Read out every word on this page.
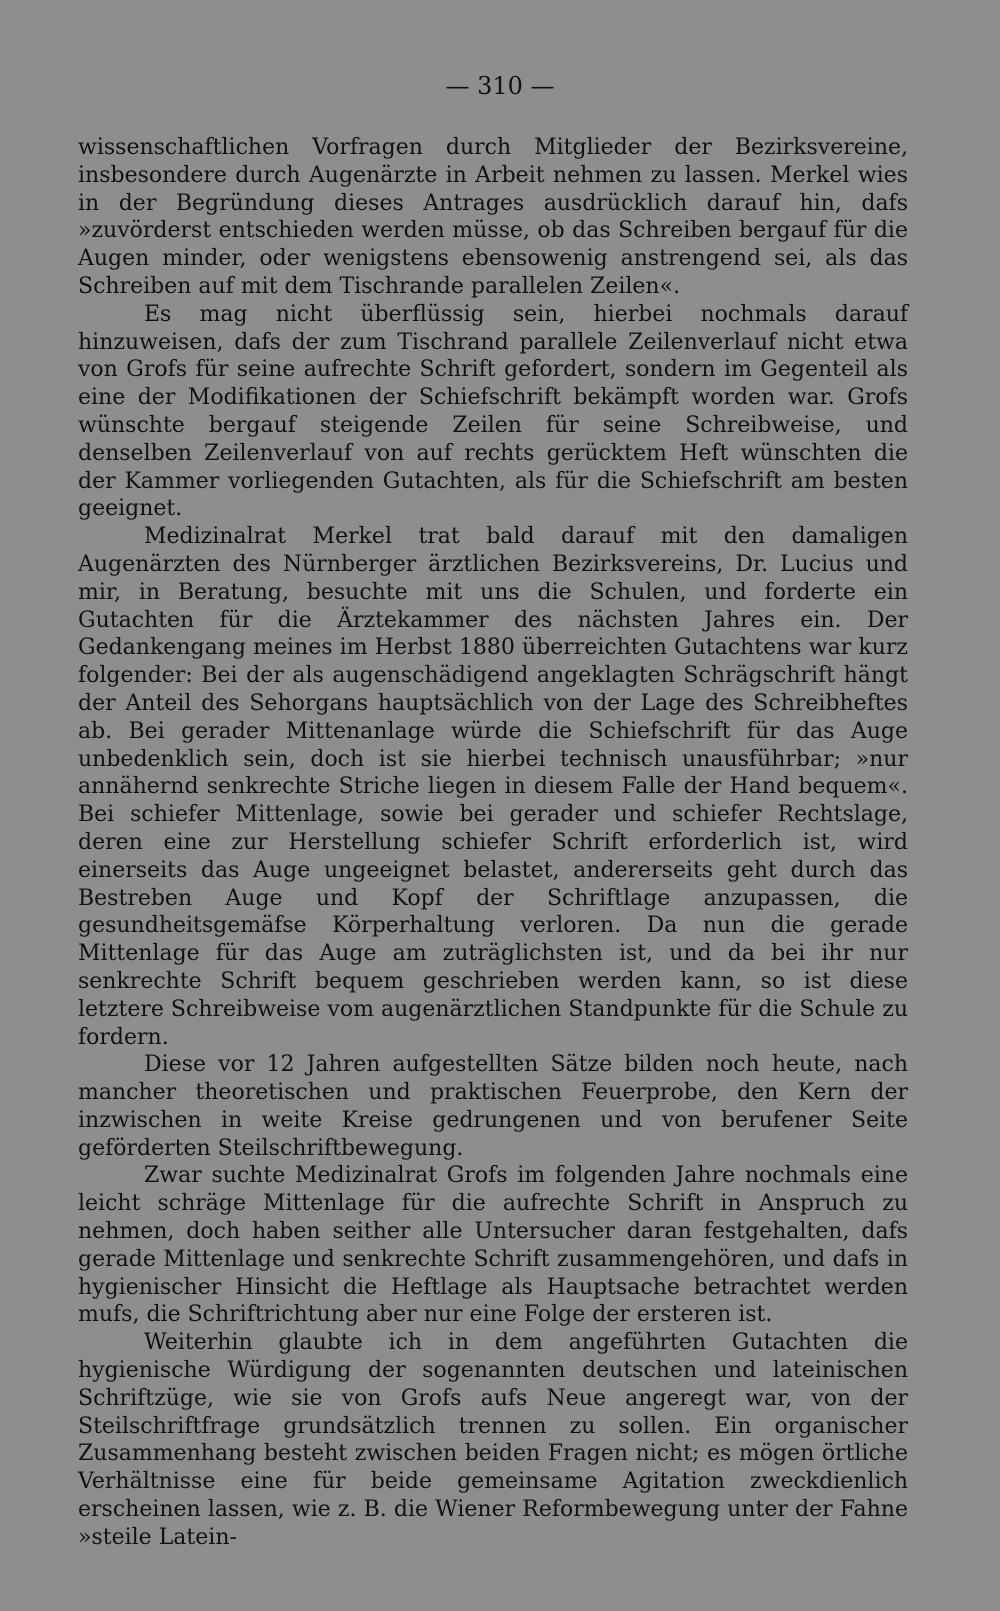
— 310 —

wissenschaftlichen Vorfragen durch Mitglieder der Bezirksvereine, insbesondere durch Augenärzte in Arbeit nehmen zu lassen. Merkel wies in der Begründung dieses Antrages ausdrücklich darauf hin, dafs »zuvörderst entschieden werden müsse, ob das Schreiben bergauf für die Augen minder, oder wenigstens ebensowenig anstrengend sei, als das Schreiben auf mit dem Tischrande parallelen Zeilen«.

Es mag nicht überflüssig sein, hierbei nochmals darauf hinzuweisen, dafs der zum Tischrand parallele Zeilenverlauf nicht etwa von Grofs für seine aufrechte Schrift gefordert, sondern im Gegenteil als eine der Modifikationen der Schiefschrift bekämpft worden war. Grofs wünschte bergauf steigende Zeilen für seine Schreibweise, und denselben Zeilenverlauf von auf rechts gerücktem Heft wünschten die der Kammer vorliegenden Gutachten, als für die Schiefschrift am besten geeignet.

Medizinalrat Merkel trat bald darauf mit den damaligen Augenärzten des Nürnberger ärztlichen Bezirksvereins, Dr. Lucius und mir, in Beratung, besuchte mit uns die Schulen, und forderte ein Gutachten für die Ärztekammer des nächsten Jahres ein. Der Gedankengang meines im Herbst 1880 überreichten Gutachtens war kurz folgender: Bei der als augenschädigend angeklagten Schrägschrift hängt der Anteil des Sehorgans hauptsächlich von der Lage des Schreibheftes ab. Bei gerader Mittenanlage würde die Schiefschrift für das Auge unbedenklich sein, doch ist sie hierbei technisch unausführbar; »nur annähernd senkrechte Striche liegen in diesem Falle der Hand bequem«. Bei schiefer Mittenlage, sowie bei gerader und schiefer Rechtslage, deren eine zur Herstellung schiefer Schrift erforderlich ist, wird einerseits das Auge ungeeignet belastet, andererseits geht durch das Bestreben Auge und Kopf der Schriftlage anzupassen, die gesundheitsgemäfse Körperhaltung verloren. Da nun die gerade Mittenlage für das Auge am zuträglichsten ist, und da bei ihr nur senkrechte Schrift bequem geschrieben werden kann, so ist diese letztere Schreibweise vom augenärztlichen Standpunkte für die Schule zu fordern.

Diese vor 12 Jahren aufgestellten Sätze bilden noch heute, nach mancher theoretischen und praktischen Feuerprobe, den Kern der inzwischen in weite Kreise gedrungenen und von berufener Seite geförderten Steilschriftbewegung.

Zwar suchte Medizinalrat Grofs im folgenden Jahre nochmals eine leicht schräge Mittenlage für die aufrechte Schrift in Anspruch zu nehmen, doch haben seither alle Untersucher daran festgehalten, dafs gerade Mittenlage und senkrechte Schrift zusammengehören, und dafs in hygienischer Hinsicht die Heftlage als Hauptsache betrachtet werden mufs, die Schriftrichtung aber nur eine Folge der ersteren ist.

Weiterhin glaubte ich in dem angeführten Gutachten die hygienische Würdigung der sogenannten deutschen und lateinischen Schriftzüge, wie sie von Grofs aufs Neue angeregt war, von der Steilschriftfrage grundsätzlich trennen zu sollen. Ein organischer Zusammenhang besteht zwischen beiden Fragen nicht; es mögen örtliche Verhältnisse eine für beide gemeinsame Agitation zweckdienlich erscheinen lassen, wie z. B. die Wiener Reformbewegung unter der Fahne »steile Latein-
